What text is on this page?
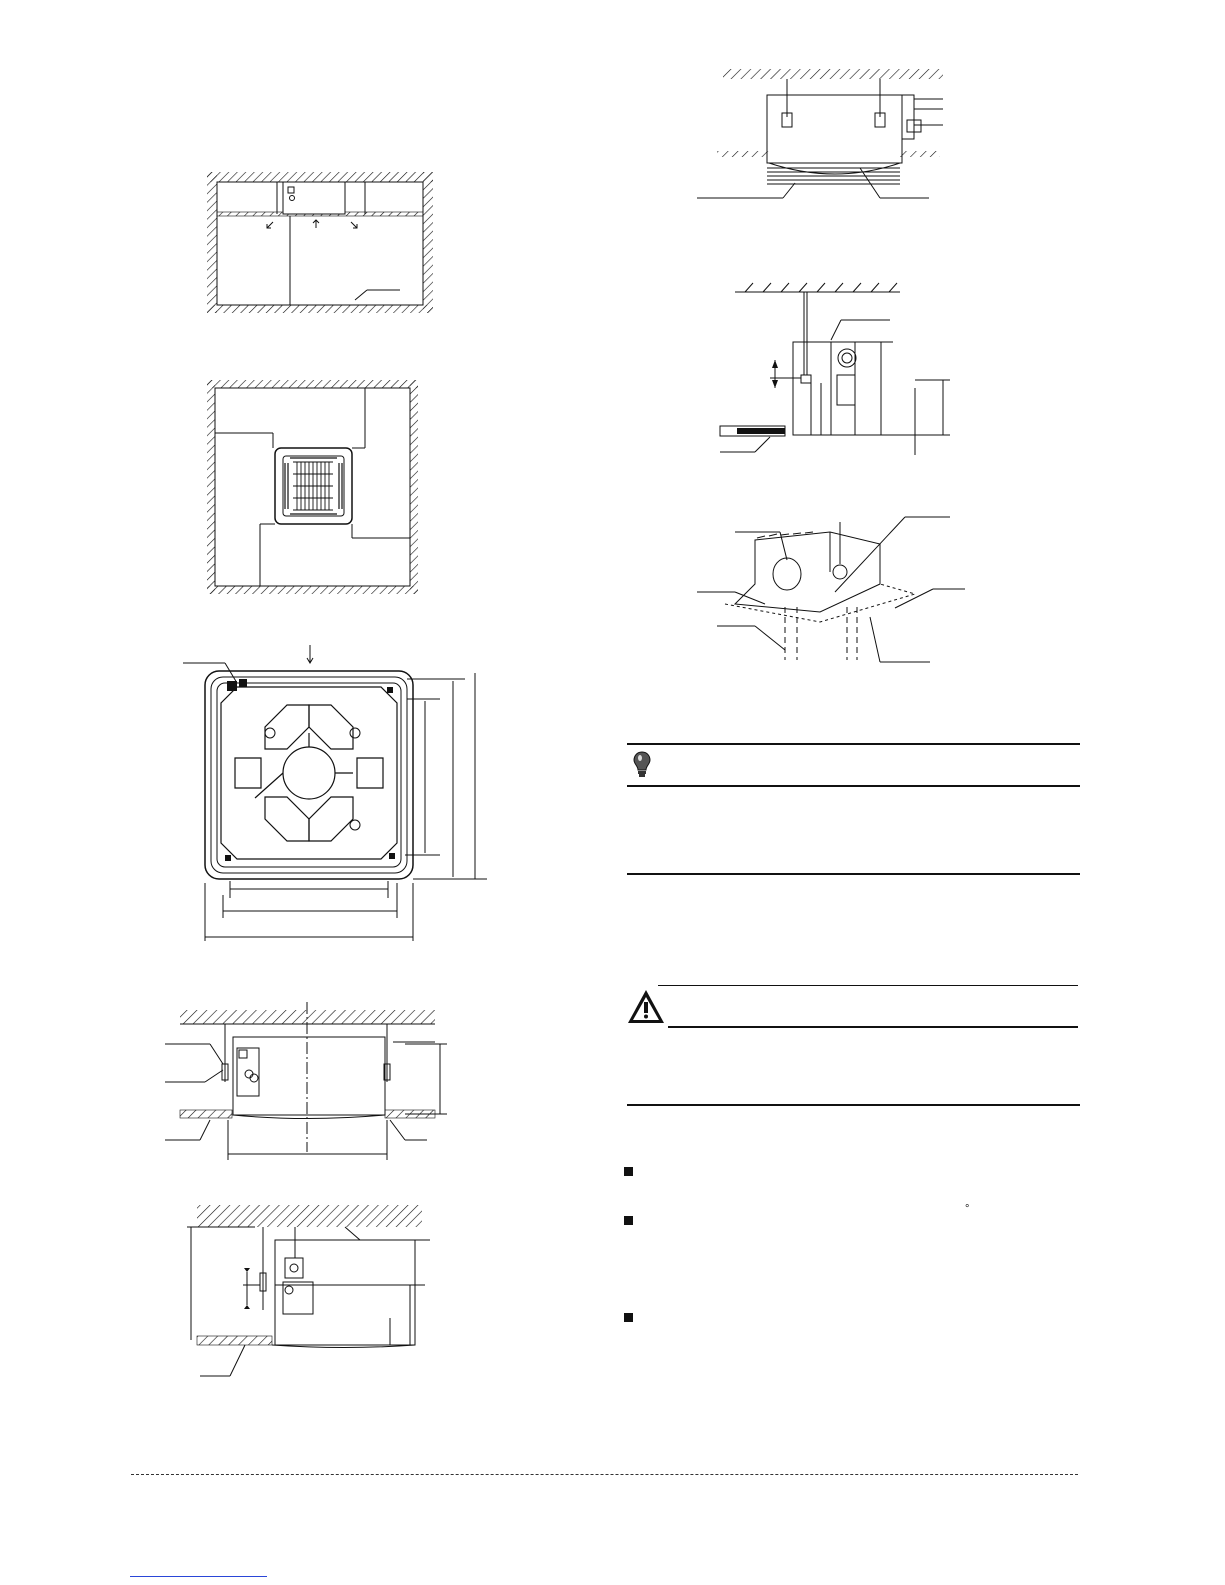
°
